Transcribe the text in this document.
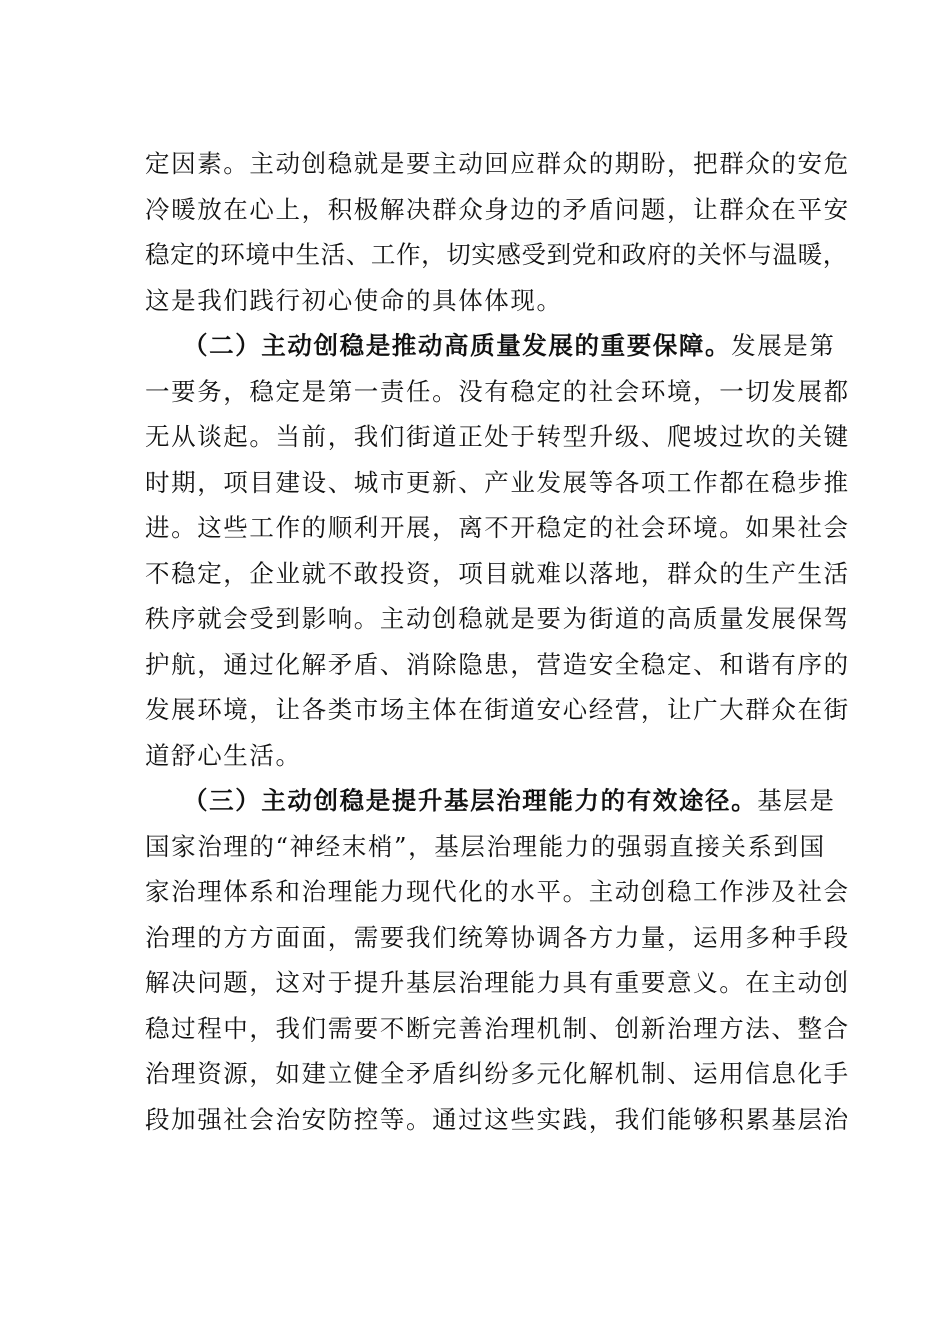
定因素。主动创稳就是要主动回应群众的期盼，把群众的安危
冷暖放在心上，积极解决群众身边的矛盾问题，让群众在平安
稳定的环境中生活、工作，切实感受到党和政府的关怀与温暖，
这是我们践行初心使命的具体体现。
（二）主动创稳是推动高质量发展的重要保障。发展是第
一要务，稳定是第一责任。没有稳定的社会环境，一切发展都
无从谈起。当前，我们街道正处于转型升级、爬坡过坎的关键
时期，项目建设、城市更新、产业发展等各项工作都在稳步推
进。这些工作的顺利开展，离不开稳定的社会环境。如果社会
不稳定，企业就不敢投资，项目就难以落地，群众的生产生活
秩序就会受到影响。主动创稳就是要为街道的高质量发展保驾
护航，通过化解矛盾、消除隐患，营造安全稳定、和谐有序的
发展环境，让各类市场主体在街道安心经营，让广大群众在街
道舒心生活。
（三）主动创稳是提升基层治理能力的有效途径。基层是
国家治理的“神经末梢”，基层治理能力的强弱直接关系到国
家治理体系和治理能力现代化的水平。主动创稳工作涉及社会
治理的方方面面，需要我们统筹协调各方力量，运用多种手段
解决问题，这对于提升基层治理能力具有重要意义。在主动创
稳过程中，我们需要不断完善治理机制、创新治理方法、整合
治理资源，如建立健全矛盾纠纷多元化解机制、运用信息化手
段加强社会治安防控等。通过这些实践，我们能够积累基层治
